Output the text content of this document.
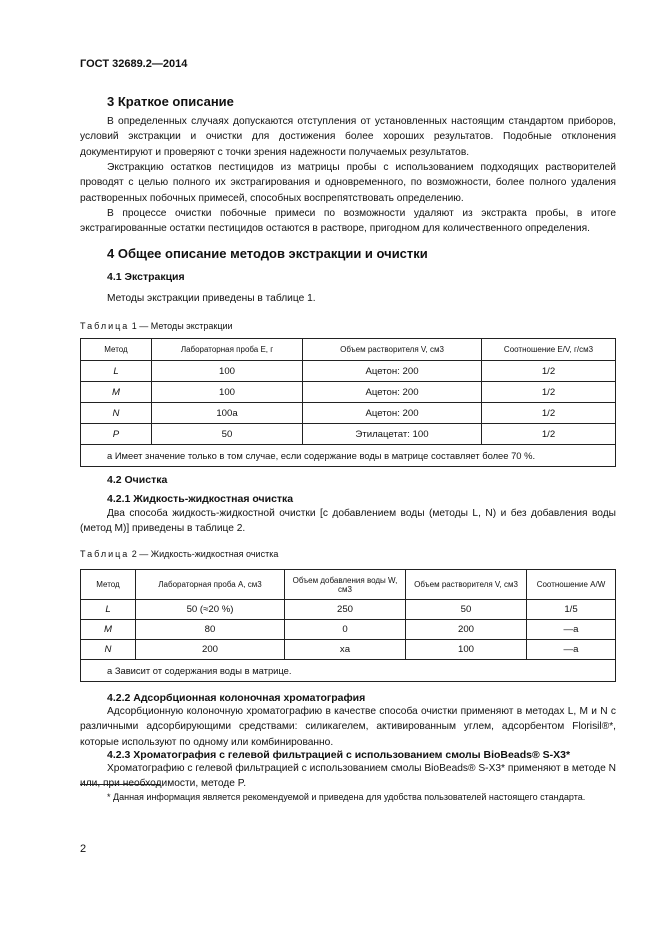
ГОСТ 32689.2—2014
3 Краткое описание

В определенных случаях допускаются отступления от установленных настоящим стандартом приборов, условий экстракции и очистки для достижения более хороших результатов. Подобные отклонения документируют и проверяют с точки зрения надежности получаемых результатов.

Экстракцию остатков пестицидов из матрицы пробы с использованием подходящих растворителей проводят с целью полного их экстрагирования и одновременного, по возможности, более полного удаления растворенных побочных примесей, способных воспрепятствовать определению.

В процессе очистки побочные примеси по возможности удаляют из экстракта пробы, в итоге экстрагированные остатки пестицидов остаются в растворе, пригодном для количественного определения.

4 Общее описание методов экстракции и очистки
4.1 Экстракция

Методы экстракции приведены в таблице 1.

Таблица 1 — Методы экстракции
Метод	Лабораторная проба E, г	Объем растворителя V, см3	Соотношение E/V, г/см3
L	100	Ацетон: 200	1/2
M	100	Ацетон: 200	1/2
N	100a	Ацетон: 200	1/2
P	50	Этилацетат: 100	1/2
a Имеет значение только в том случае, если содержание воды в матрице составляет более 70 %.			
4.2 Очистка
4.2.1 Жидкость-жидкостная очистка

Два способа жидкость-жидкостной очистки [с добавлением воды (методы L, N) и без добавления воды (метод M)] приведены в таблице 2.

Таблица 2 — Жидкость-жидкостная очистка
Метод	Лабораторная проба A, см3	Объем добавления воды W, см3	Объем растворителя V, см3	Соотношение A/W
L	50 (≈20 %)	250	50	1/5
M	80	0	200	—a
N	200	xa	100	—a
a Зависит от содержания воды в матрице.				
4.2.2 Адсорбционная колоночная хроматография

Адсорбционную колоночную хроматографию в качестве способа очистки применяют в методах L, M и N с различными адсорбирующими средствами: силикагелем, активированным углем, адсорбентом Florisil®*, которые используют по одному или комбинированно.

4.2.3 Хроматография с гелевой фильтрацией с использованием смолы BioBeads® S-X3*

Хроматографию с гелевой фильтрацией с использованием смолы BioBeads® S-X3* применяют в методе N или, при необходимости, методе P.

* Данная информация является рекомендуемой и приведена для удобства пользователей настоящего стандарта.

2
